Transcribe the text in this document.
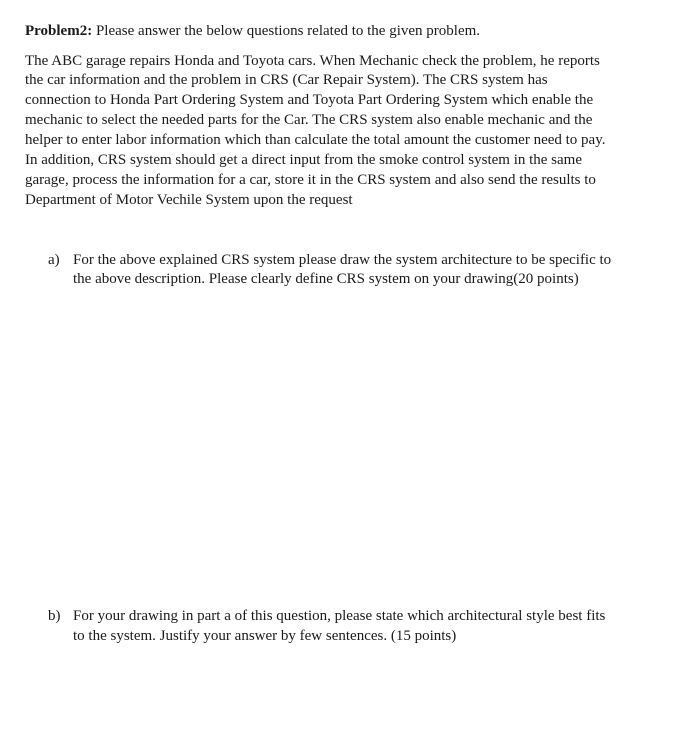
Problem2: Please answer the below questions related to the given problem.
The ABC garage repairs Honda and Toyota cars. When Mechanic check the problem, he reports
the car information and the problem in CRS (Car Repair System). The CRS system has
connection to Honda Part Ordering System and Toyota Part Ordering System which enable the
mechanic to select the needed parts for the Car. The CRS system also enable mechanic and the
helper to enter labor information which than calculate the total amount the customer need to pay.
In addition, CRS system should get a direct input from the smoke control system in the same
garage, process the information for a car, store it in the CRS system and also send the results to
Department of Motor Vechile System upon the request
a) For the above explained CRS system please draw the system architecture to be specific to
the above description. Please clearly define CRS system on your drawing(20 points)
b) For your drawing in part a of this question, please state which architectural style best fits
to the system. Justify your answer by few sentences. (15 points)
